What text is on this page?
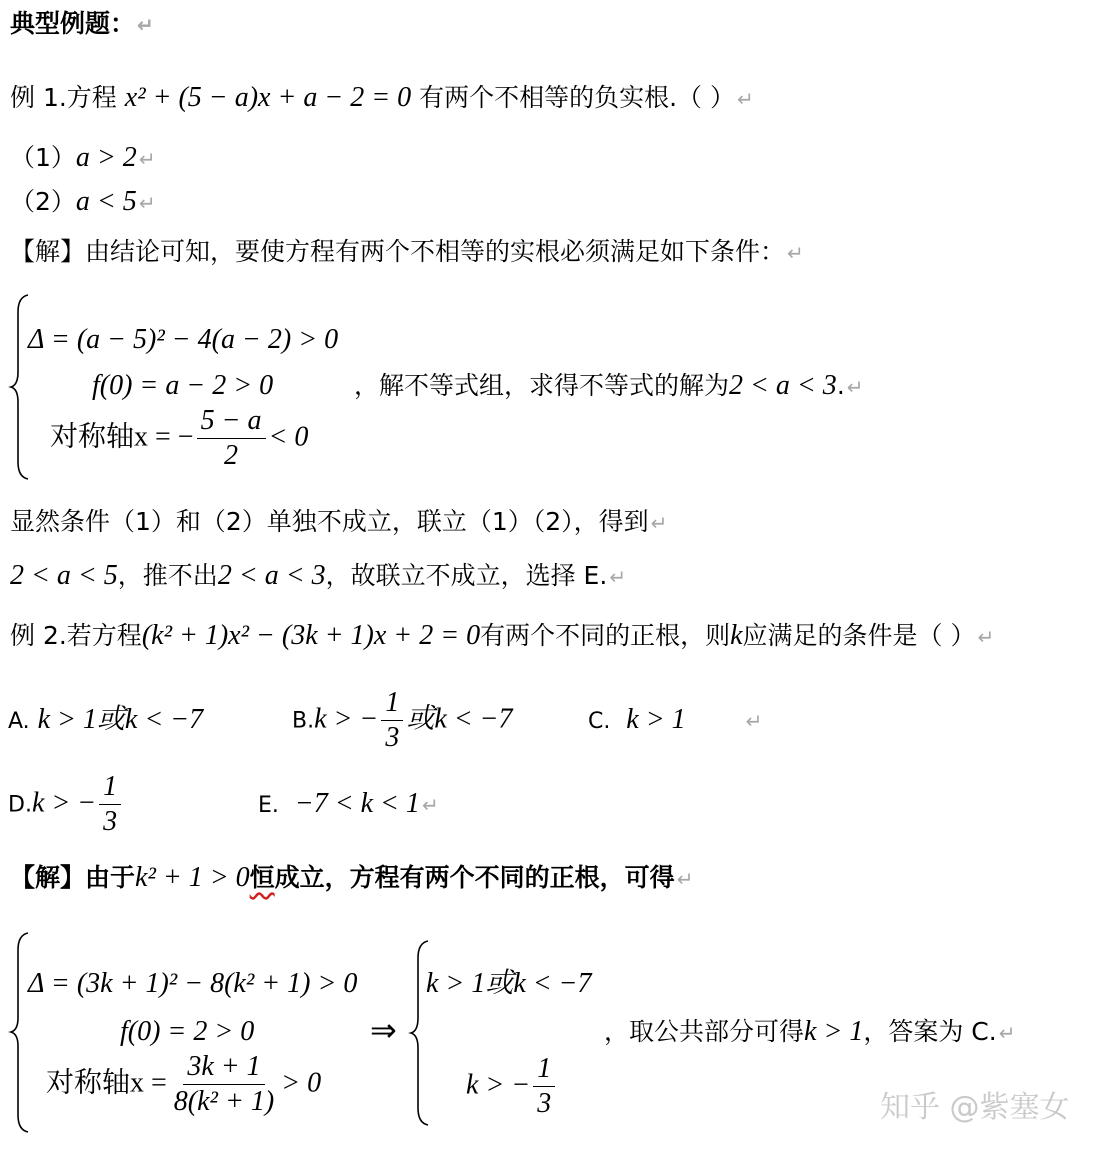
典型例题： ↵
例 1.方程 x² + (5 − a)x + a − 2 = 0 有两个不相等的负实根.（ ） ↵
（1）a > 2 ↵
（2）a < 5 ↵
【解】由结论可知，要使方程有两个不相等的实根必须满足如下条件： ↵
Δ = (a − 5)² − 4(a − 2) > 0
f(0) = a − 2 > 0
对称轴x = − $\frac{5 - a}{2} < 0$
，解不等式组，求得不等式的解为2 < a < 3. ↵
显然条件（1）和（2）单独不成立，联立（1）（2），得到 ↵
2 < a < 5，推不出2 < a < 3，故联立不成立，选择 E. ↵
例 2.若方程(k² + 1)x² − (3k + 1)x + 2 = 0有两个不同的正根，则k应满足的条件是（ ） ↵
A. k > 1或k < −7	B.k > − $\frac{1}{3}$ 或k < −7	C. k > 1	↵
D.k > − $\frac{1}{3}$	E. −7 < k < 1 ↵
【解】由于k² + 1 > 0恒成立，方程有两个不同的正根，可得 ↵
Δ = (3k + 1)² − 8(k² + 1) > 0
f(0) = 2 > 0
对称轴$x = \frac{3k + 1}{\text{8(k² + 1)}} > 0$
⇒
k > 1或k < −7
k > − $\frac{1}{3}$
，取公共部分可得k > 1，答案为 C. ↵
知乎 @紫塞女
